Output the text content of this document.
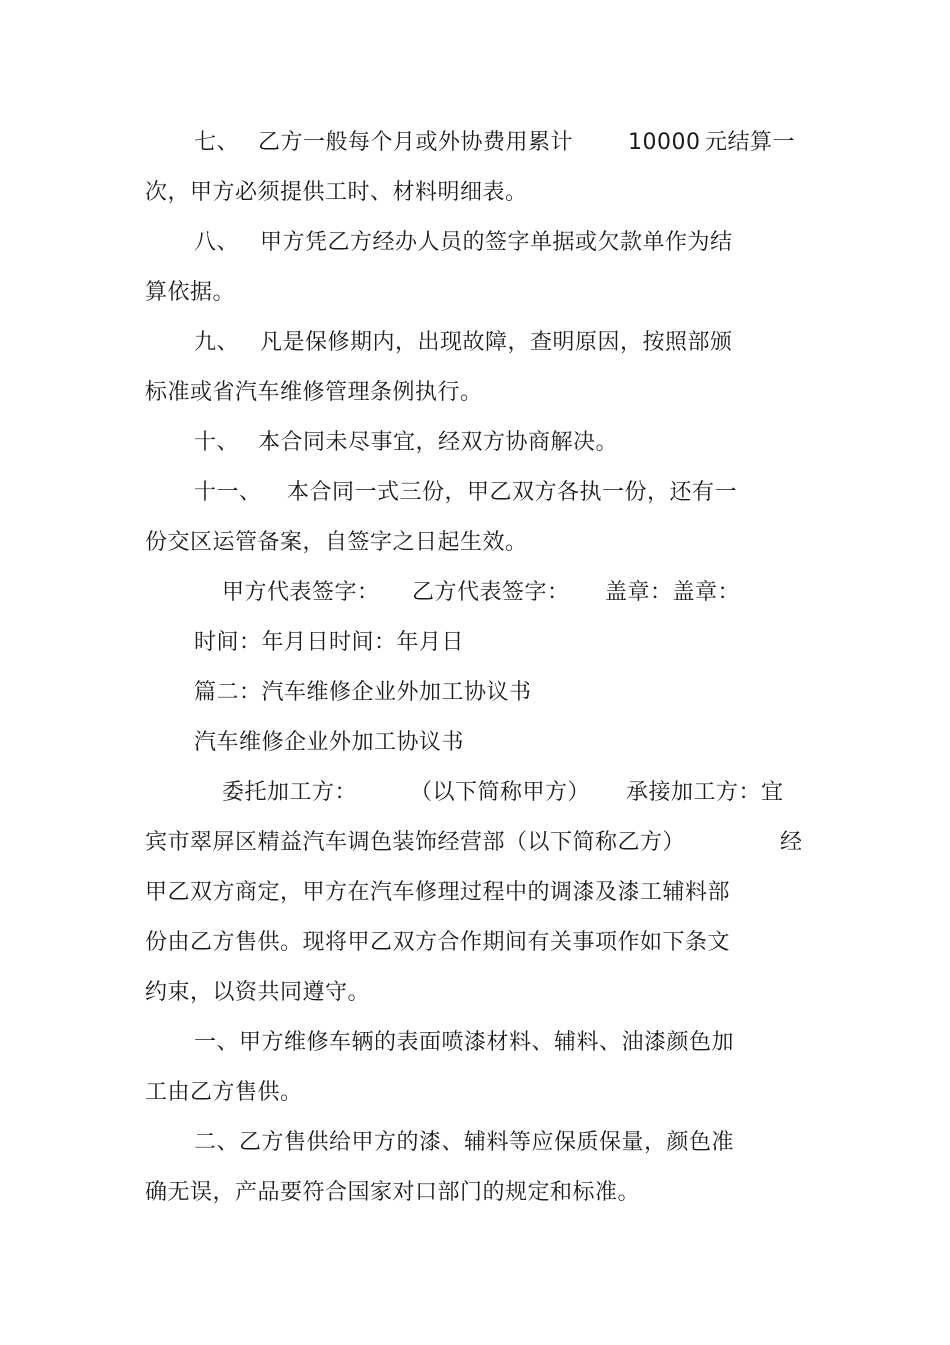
七、 乙方一般每个月或外协费用累计 10000 元结算一
次，甲方必须提供工时、材料明细表。
八、 甲方凭乙方经办人员的签字单据或欠款单作为结
算依据。
九、 凡是保修期内，出现故障，查明原因，按照部颁
标准或省汽车维修管理条例执行。
十、 本合同未尽事宜，经双方协商解决。
十一、 本合同一式三份，甲乙双方各执一份，还有一
份交区运管备案，自签字之日起生效。
甲方代表签字： 乙方代表签字： 盖章：盖章：
时间：年月日时间：年月日
篇二：汽车维修企业外加工协议书
汽车维修企业外加工协议书
委托加工方： （以下简称甲方） 承接加工方：宜
宾市翠屏区精益汽车调色装饰经营部（以下简称乙方）	经
甲乙双方商定，甲方在汽车修理过程中的调漆及漆工辅料部
份由乙方售供。现将甲乙双方合作期间有关事项作如下条文
约束，以资共同遵守。
一、甲方维修车辆的表面喷漆材料、辅料、油漆颜色加
工由乙方售供。
二、乙方售供给甲方的漆、辅料等应保质保量，颜色准
确无误，产品要符合国家对口部门的规定和标准。
